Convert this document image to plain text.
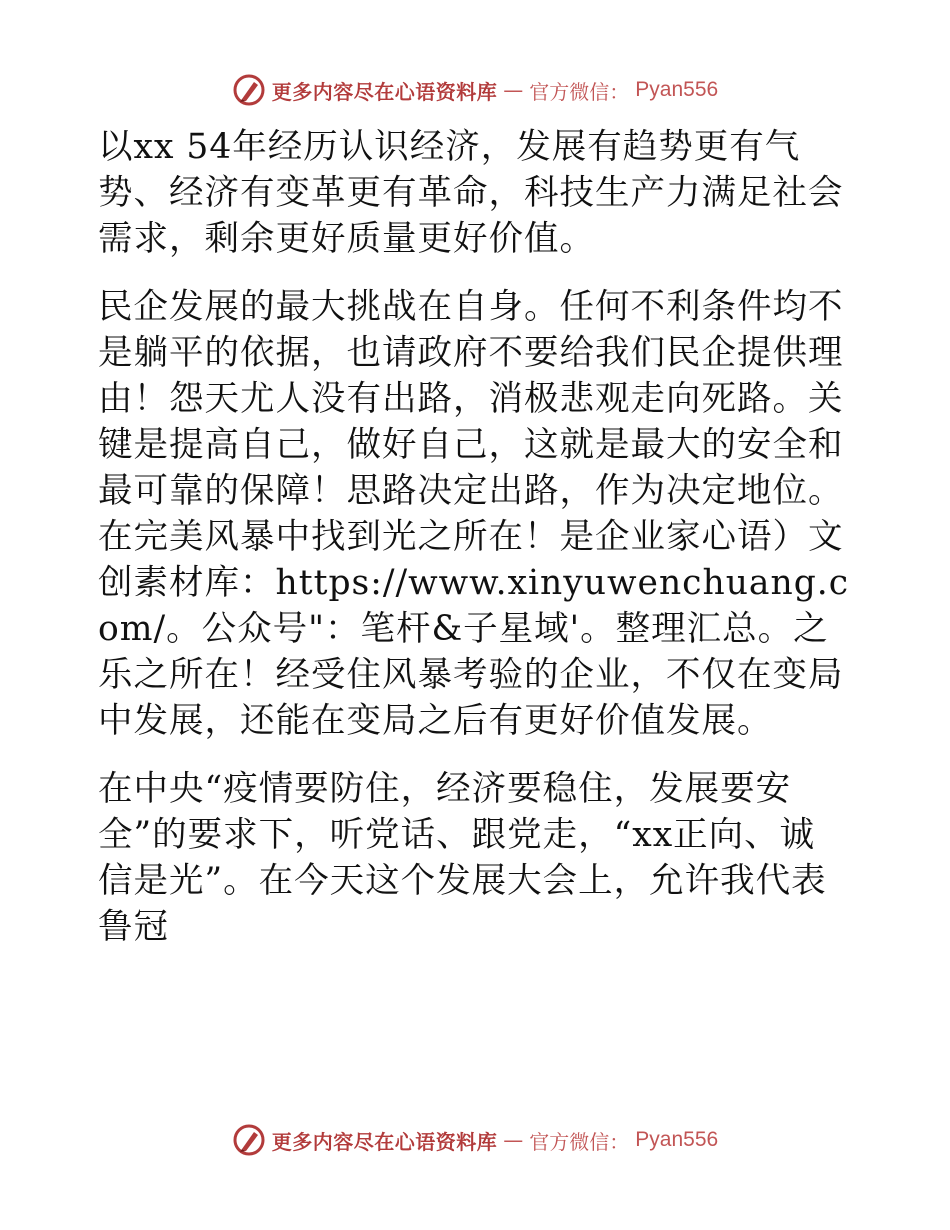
更多内容尽在心语资料库 — 官方微信： Pyan556

以xx 54年经历认识经济，发展有趋势更有气势、经济有变革更有革命，科技生产力满足社会需求，剩余更好质量更好价值。

民企发展的最大挑战在自身。任何不利条件均不是躺平的依据，也请政府不要给我们民企提供理由！怨天尤人没有出路，消极悲观走向死路。关键是提高自己，做好自己，这就是最大的安全和最可靠的保障！思路决定出路，作为决定地位。在完美风暴中找到光之所在！是企业家心语）文创素材库：https://www.xinyuwenchuang.com/。公众号"：笔杆&子星域'。整理汇总。之乐之所在！经受住风暴考验的企业，不仅在变局中发展，还能在变局之后有更好价值发展。

在中央“疫情要防住，经济要稳住，发展要安全”的要求下，听党话、跟党走，“xx正向、诚信是光”。在今天这个发展大会上，允许我代表鲁冠

更多内容尽在心语资料库 — 官方微信： Pyan556
